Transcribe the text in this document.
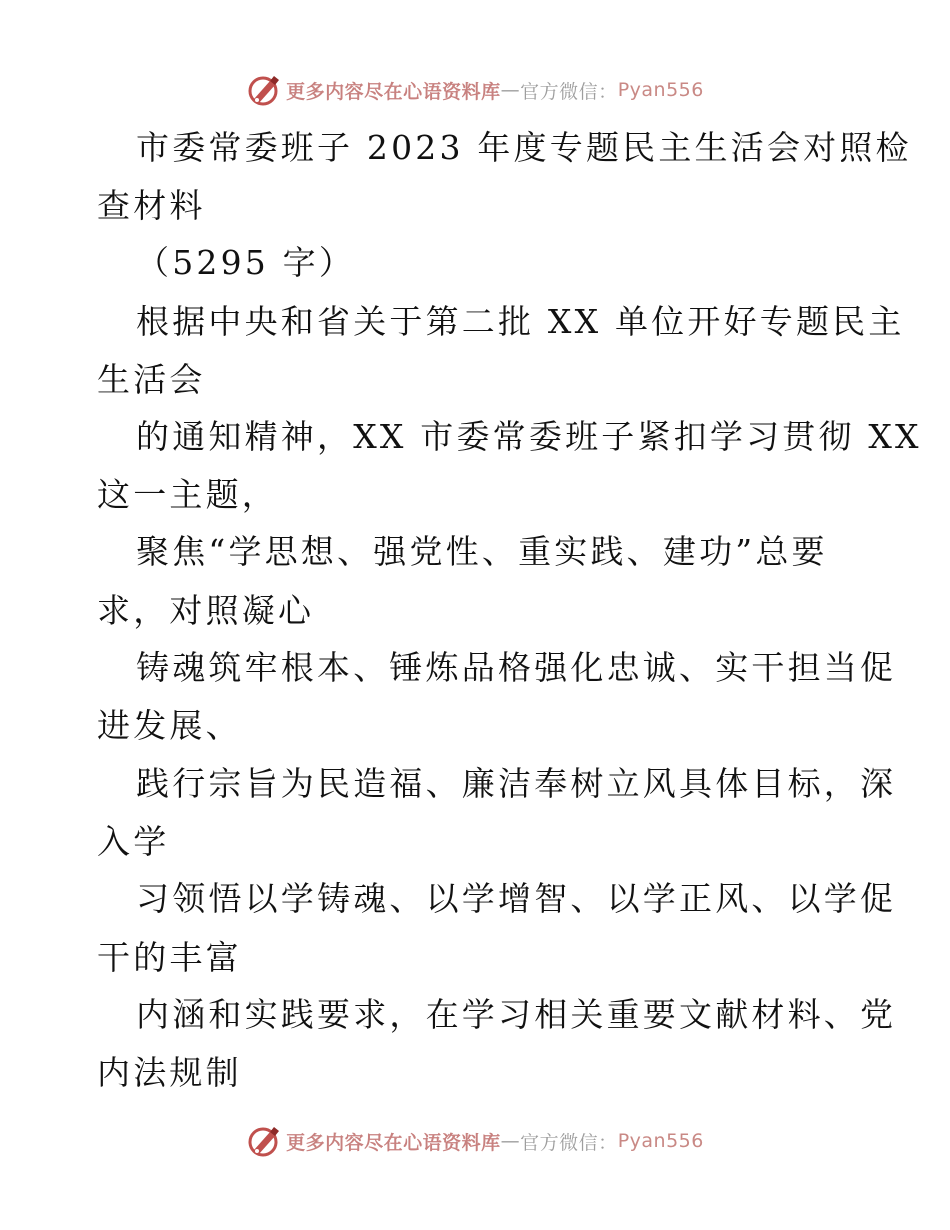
更多内容尽在心语资料库 — 官方微信： Pyan556
市委常委班子 2023 年度专题民主生活会对照检
查材料
（5295 字）
根据中央和省关于第二批 XX 单位开好专题民主
生活会
的通知精神，XX 市委常委班子紧扣学习贯彻 XX
这一主题，
聚焦“学思想、强党性、重实践、建功”总要
求，对照凝心
铸魂筑牢根本、锤炼品格强化忠诚、实干担当促
进发展、
践行宗旨为民造福、廉洁奉树立风具体目标，深
入学
习领悟以学铸魂、以学增智、以学正风、以学促
干的丰富
内涵和实践要求，在学习相关重要文献材料、党
内法规制
更多内容尽在心语资料库 — 官方微信： Pyan556
